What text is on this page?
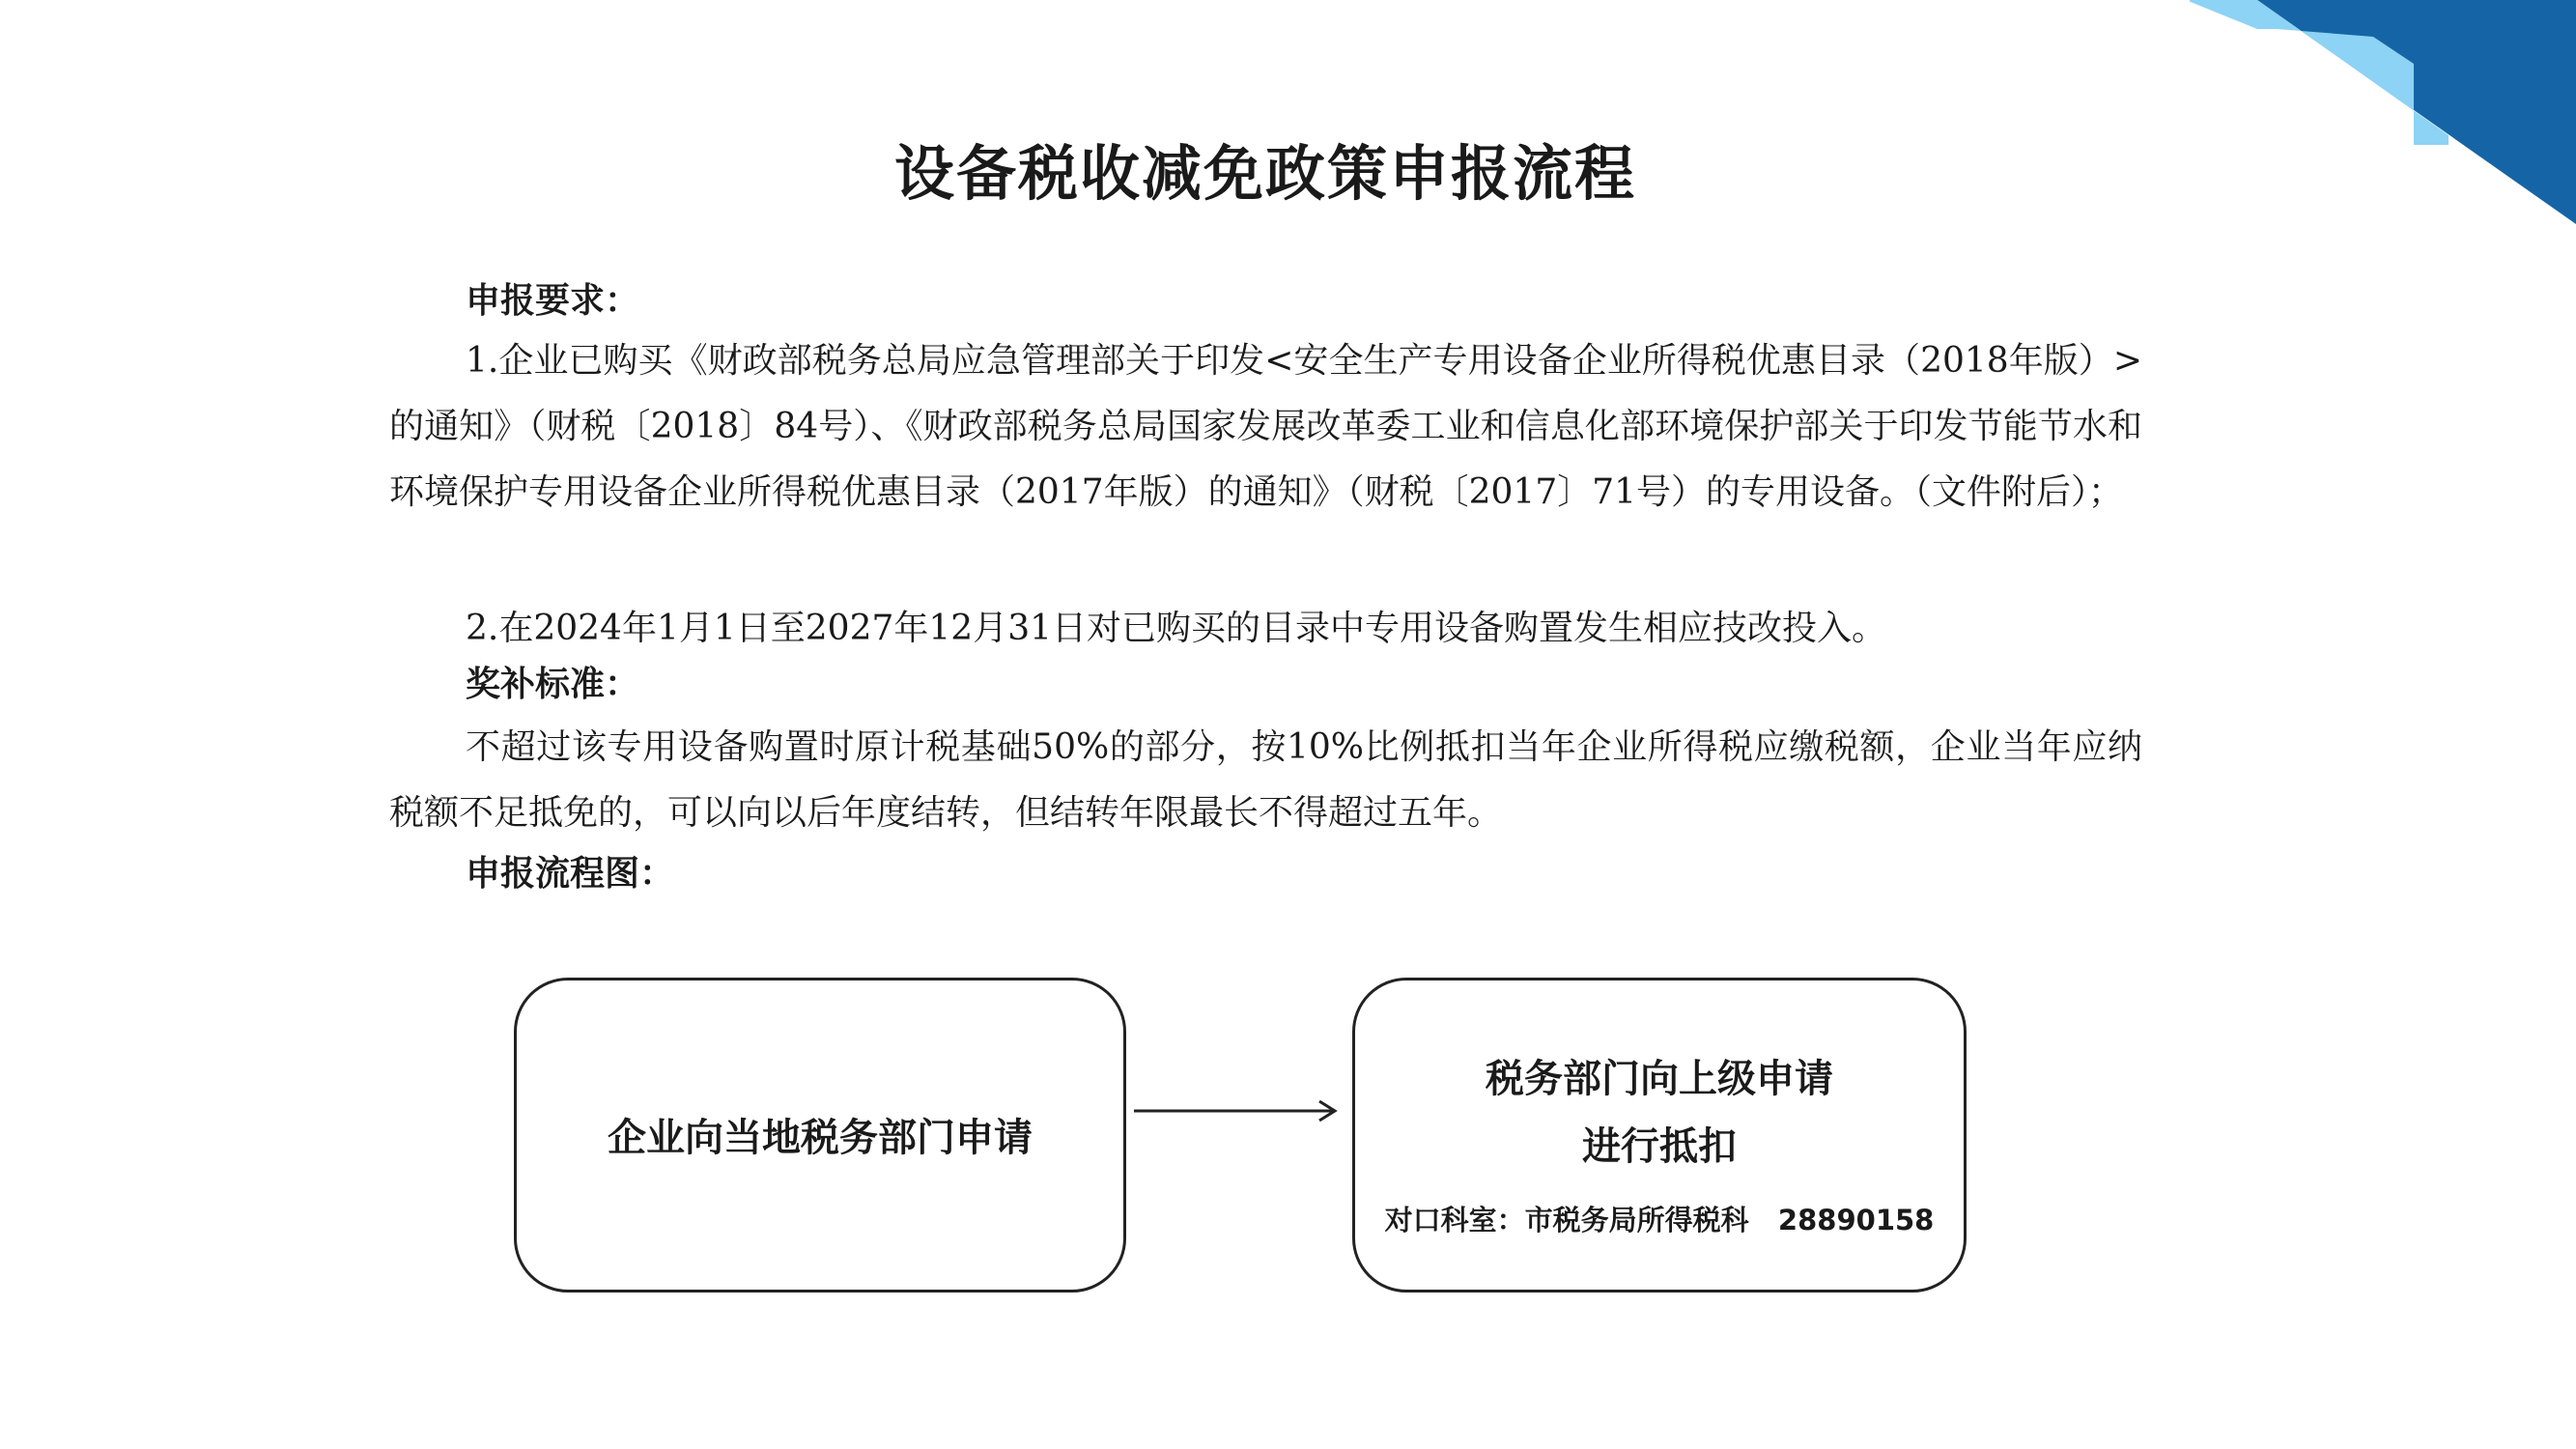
设备税收减免政策申报流程
申报要求：
1.企业已购买《财政部税务总局应急管理部关于印发<安全生产专用设备企业所得税优惠目录（2018年版）>的通知》（财税〔2018〕84号）、《财政部税务总局国家发展改革委工业和信息化部环境保护部关于印发节能节水和环境保护专用设备企业所得税优惠目录（2017年版）的通知》（财税〔2017〕71号）的专用设备。（文件附后）；
2.在2024年1月1日至2027年12月31日对已购买的目录中专用设备购置发生相应技改投入。
奖补标准：
不超过该专用设备购置时原计税基础50%的部分，按10%比例抵扣当年企业所得税应缴税额，企业当年应纳税额不足抵免的，可以向以后年度结转，但结转年限最长不得超过五年。
申报流程图：
企业向当地税务部门申请
税务部门向上级申请
进行抵扣
对口科室：市税务局所得税科   28890158
